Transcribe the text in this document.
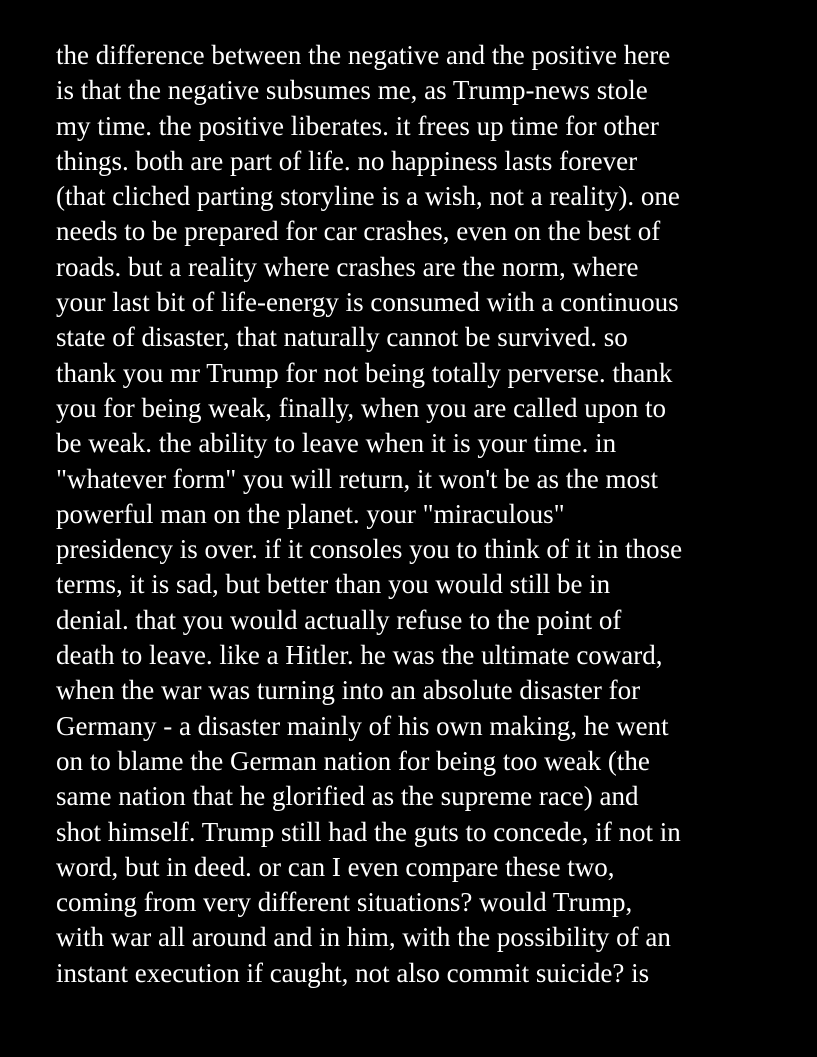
the difference between the negative and the positive here
is that the negative subsumes me, as Trump-news stole
my time. the positive liberates. it frees up time for other
things. both are part of life. no happiness lasts forever
(that cliched parting storyline is a wish, not a reality). one
needs to be prepared for car crashes, even on the best of
roads. but a reality where crashes are the norm, where
your last bit of life-energy is consumed with a continuous
state of disaster, that naturally cannot be survived. so
thank you mr Trump for not being totally perverse. thank
you for being weak, finally, when you are called upon to
be weak. the ability to leave when it is your time. in
"whatever form" you will return, it won't be as the most
powerful man on the planet. your "miraculous"
presidency is over. if it consoles you to think of it in those
terms, it is sad, but better than you would still be in
denial. that you would actually refuse to the point of
death to leave. like a Hitler. he was the ultimate coward,
when the war was turning into an absolute disaster for
Germany - a disaster mainly of his own making, he went
on to blame the German nation for being too weak (the
same nation that he glorified as the supreme race) and
shot himself. Trump still had the guts to concede, if not in
word, but in deed. or can I even compare these two,
coming from very different situations? would Trump,
with war all around and in him, with the possibility of an
instant execution if caught, not also commit suicide? is
